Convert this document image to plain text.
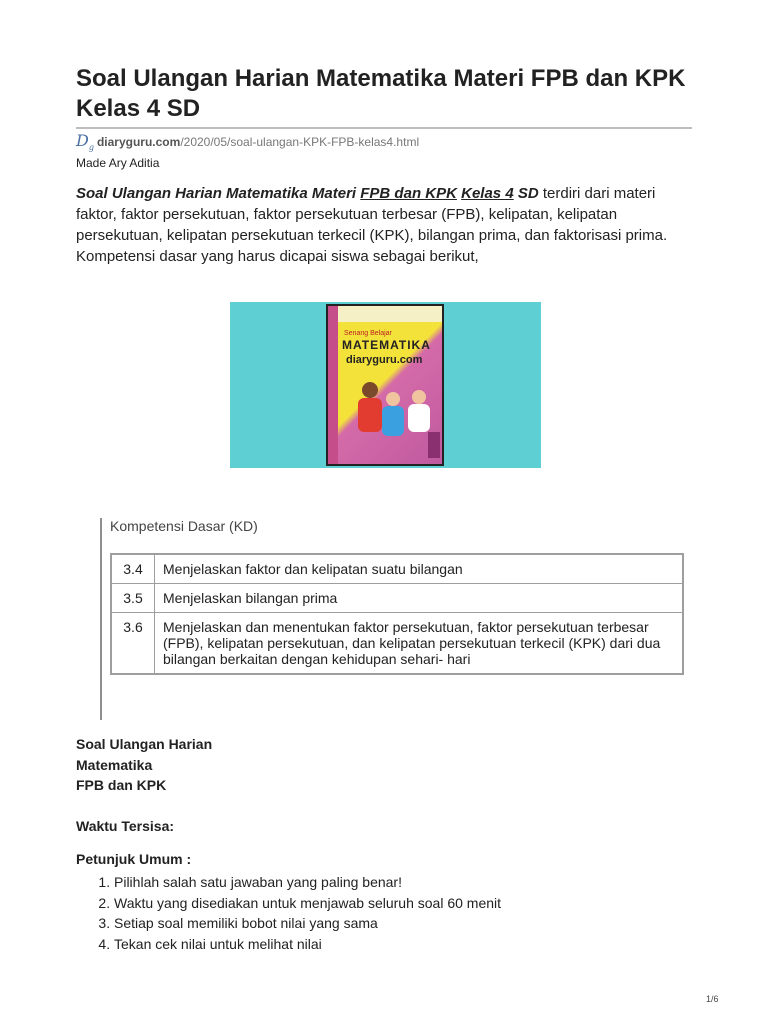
Soal Ulangan Harian Matematika Materi FPB dan KPK Kelas 4 SD
$D_g$ diaryguru.com/2020/05/soal-ulangan-KPK-FPB-kelas4.html
Made Ary Aditia
Soal Ulangan Harian Matematika Materi FPB dan KPK Kelas 4 SD terdiri dari materi faktor, faktor persekutuan, faktor persekutuan terbesar (FPB), kelipatan, kelipatan persekutuan, kelipatan persekutuan terkecil (KPK), bilangan prima, dan faktorisasi prima. Kompetensi dasar yang harus dicapai siswa sebagai berikut,
Senang Belajar
MATEMATIKA
diaryguru.com
Kompetensi Dasar (KD)
3.4	Menjelaskan faktor dan kelipatan suatu bilangan
3.5	Menjelaskan bilangan prima
3.6	Menjelaskan dan menentukan faktor persekutuan, faktor persekutuan terbesar (FPB), kelipatan persekutuan, dan kelipatan persekutuan terkecil (KPK) dari dua bilangan berkaitan dengan kehidupan sehari- hari
Soal Ulangan Harian
Matematika
FPB dan KPK
Waktu Tersisa:
Petunjuk Umum :
1. Pilihlah salah satu jawaban yang paling benar!
2. Waktu yang disediakan untuk menjawab seluruh soal 60 menit
3. Setiap soal memiliki bobot nilai yang sama
4. Tekan cek nilai untuk melihat nilai
1/6
